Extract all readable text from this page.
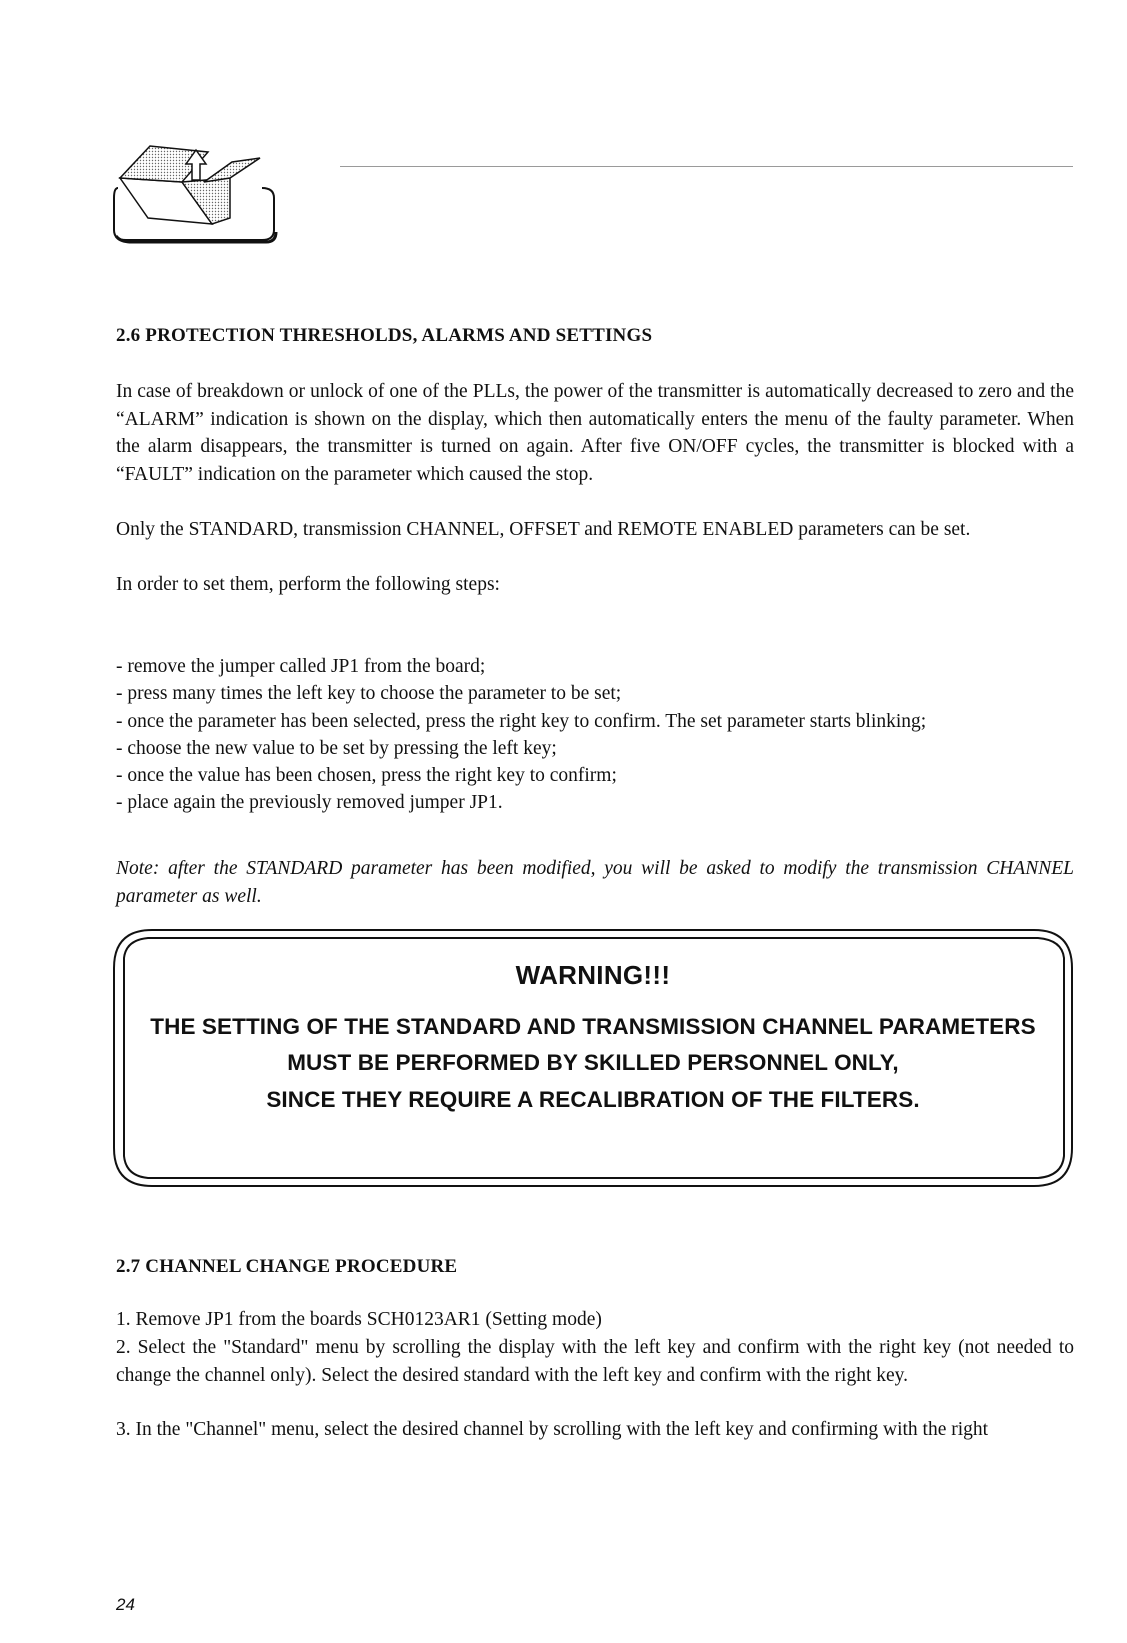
2.6 PROTECTION THRESHOLDS, ALARMS AND SETTINGS

In case of breakdown or unlock of one of the PLLs, the power of the transmitter is automatically decreased to zero and the “ALARM” indication is shown on the display, which then automatically enters the menu of the faulty parameter. When the alarm disappears, the transmitter is turned on again. After five ON/OFF cycles, the transmitter is blocked with a “FAULT” indication on the parameter which caused the stop.

Only the STANDARD, transmission CHANNEL, OFFSET and REMOTE ENABLED parameters can be set.

In order to set them, perform the following steps:

- remove the jumper called JP1 from the board;
- press many times the left key to choose the parameter to be set;
- once the parameter has been selected, press the right key to confirm. The set parameter starts blinking;
- choose the new value to be set by pressing the left key;
- once the value has been chosen, press the right key to confirm;
- place again the previously removed jumper JP1.

Note: after the STANDARD parameter has been modified, you will be asked to modify the transmission CHANNEL parameter as well.

WARNING!!!
THE SETTING OF THE STANDARD AND TRANSMISSION CHANNEL PARAMETERS
MUST BE PERFORMED BY SKILLED PERSONNEL ONLY,
SINCE THEY REQUIRE A RECALIBRATION OF THE FILTERS.
2.7 CHANNEL CHANGE PROCEDURE

1. Remove JP1 from the boards SCH0123AR1 (Setting mode)

2. Select the "Standard" menu by scrolling the display with the left key and confirm with the right key (not needed to change the channel only). Select the desired standard with the left key and confirm with the right key.

3. In the "Channel" menu, select the desired channel by scrolling with the left key and confirming with the right

24
